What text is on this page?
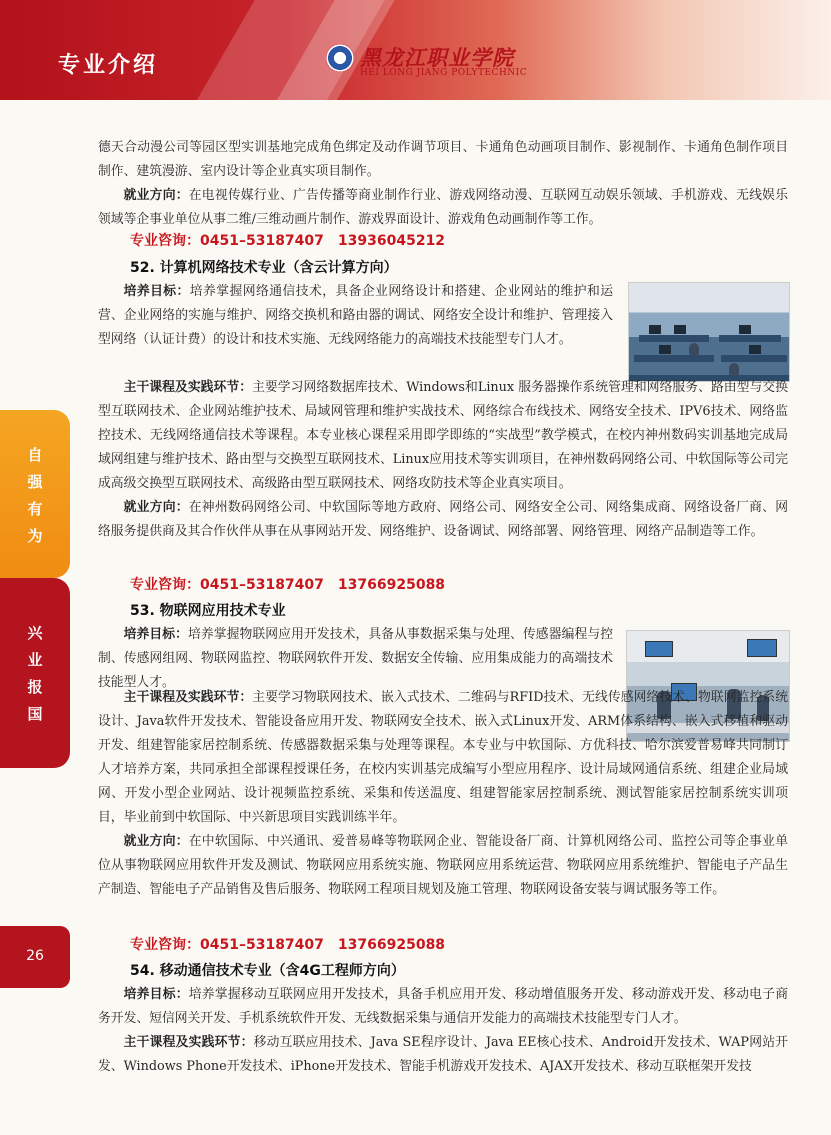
专业介绍	黑龙江职业学院
HEI LONG JIANG POLYTECHNIC
自
强
有
为
兴
业
报
国
26
德天合动漫公司等园区型实训基地完成角色绑定及动作调节项目、卡通角色动画项目制作、影视制作、卡通角色制作项目制作、建筑漫游、室内设计等企业真实项目制作。
就业方向：在电视传媒行业、广告传播等商业制作行业、游戏网络动漫、互联网互动娱乐领域、手机游戏、无线娱乐领域等企事业单位从事二维/三维动画片制作、游戏界面设计、游戏角色动画制作等工作。
专业咨询：0451–53187407　13936045212
52. 计算机网络技术专业（含云计算方向）
培养目标：培养掌握网络通信技术，具备企业网络设计和搭建、企业网站的维护和运营、企业网络的实施与维护、网络交换机和路由器的调试、网络安全设计和维护、管理接入型网络（认证计费）的设计和技术实施、无线网络能力的高端技术技能型专门人才。
主干课程及实践环节：主要学习网络数据库技术、Windows和Linux 服务器操作系统管理和网络服务、路由型与交换型互联网技术、企业网站维护技术、局域网管理和维护实战技术、网络综合布线技术、网络安全技术、IPV6技术、网络监控技术、无线网络通信技术等课程。本专业核心课程采用即学即练的“实战型”教学模式，在校内神州数码实训基地完成局域网组建与维护技术、路由型与交换型互联网技术、Linux应用技术等实训项目，在神州数码网络公司、中软国际等公司完成高级交换型互联网技术、高级路由型互联网技术、网络攻防技术等企业真实项目。
就业方向：在神州数码网络公司、中软国际等地方政府、网络公司、网络安全公司、网络集成商、网络设备厂商、网络服务提供商及其合作伙伴从事在从事网站开发、网络维护、设备调试、网络部署、网络管理、网络产品制造等工作。
专业咨询：0451–53187407　13766925088
53. 物联网应用技术专业
培养目标：培养掌握物联网应用开发技术，具备从事数据采集与处理、传感器编程与控制、传感网组网、物联网监控、物联网软件开发、数据安全传输、应用集成能力的高端技术技能型人才。
主干课程及实践环节：主要学习物联网技术、嵌入式技术、二维码与RFID技术、无线传感网络技术、物联网监控系统设计、Java软件开发技术、智能设备应用开发、物联网安全技术、嵌入式Linux开发、ARM体系结构、嵌入式移植和驱动开发、组建智能家居控制系统、传感器数据采集与处理等课程。本专业与中软国际、方优科技、哈尔滨爱普易峰共同制订人才培养方案，共同承担全部课程授课任务，在校内实训基完成编写小型应用程序、设计局域网通信系统、组建企业局域网、开发小型企业网站、设计视频监控系统、采集和传送温度、组建智能家居控制系统、测试智能家居控制系统实训项目，毕业前到中软国际、中兴新思项目实践训练半年。
就业方向：在中软国际、中兴通讯、爱普易峰等物联网企业、智能设备厂商、计算机网络公司、监控公司等企事业单位从事物联网应用软件开发及测试、物联网应用系统实施、物联网应用系统运营、物联网应用系统维护、智能电子产品生产制造、智能电子产品销售及售后服务、物联网工程项目规划及施工管理、物联网设备安装与调试服务等工作。
专业咨询：0451–53187407　13766925088
54. 移动通信技术专业（含4G工程师方向）
培养目标：培养掌握移动互联网应用开发技术，具备手机应用开发、移动增值服务开发、移动游戏开发、移动电子商务开发、短信网关开发、手机系统软件开发、无线数据采集与通信开发能力的高端技术技能型专门人才。
主干课程及实践环节：移动互联应用技术、Java SE程序设计、Java EE核心技术、Android开发技术、WAP网站开发、Windows Phone开发技术、iPhone开发技术、智能手机游戏开发技术、AJAX开发技术、移动互联框架开发技
